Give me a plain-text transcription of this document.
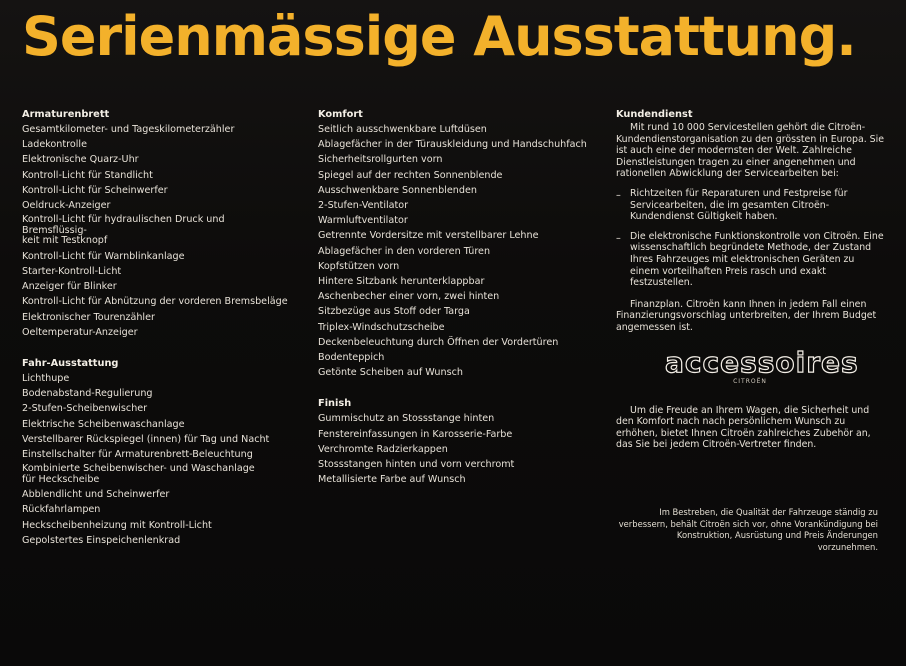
Serienmässige Ausstattung.
Armaturenbrett
Gesamtkilometer- und Tageskilometerzähler
Ladekontrolle
Elektronische Quarz-Uhr
Kontroll-Licht für Standlicht
Kontroll-Licht für Scheinwerfer
Oeldruck-Anzeiger
Kontroll-Licht für hydraulischen Druck und Bremsflüssig-
keit mit Testknopf
Kontroll-Licht für Warnblinkanlage
Starter-Kontroll-Licht
Anzeiger für Blinker
Kontroll-Licht für Abnützung der vorderen Bremsbeläge
Elektronischer Tourenzähler
Oeltemperatur-Anzeiger
Fahr-Ausstattung
Lichthupe
Bodenabstand-Regulierung
2-Stufen-Scheibenwischer
Elektrische Scheibenwaschanlage
Verstellbarer Rückspiegel (innen) für Tag und Nacht
Einstellschalter für Armaturenbrett-Beleuchtung
Kombinierte Scheibenwischer- und Waschanlage
für Heckscheibe
Abblendlicht und Scheinwerfer
Rückfahrlampen
Heckscheibenheizung mit Kontroll-Licht
Gepolstertes Einspeichenlenkrad
Komfort
Seitlich ausschwenkbare Luftdüsen
Ablagefächer in der Türauskleidung und Handschuhfach
Sicherheitsrollgurten vorn
Spiegel auf der rechten Sonnenblende
Ausschwenkbare Sonnenblenden
2-Stufen-Ventilator
Warmluftventilator
Getrennte Vordersitze mit verstellbarer Lehne
Ablagefächer in den vorderen Türen
Kopfstützen vorn
Hintere Sitzbank herunterklappbar
Aschenbecher einer vorn, zwei hinten
Sitzbezüge aus Stoff oder Targa
Triplex-Windschutzscheibe
Deckenbeleuchtung durch Öffnen der Vordertüren
Bodenteppich
Getönte Scheiben auf Wunsch
Finish
Gummischutz an Stossstange hinten
Fenstereinfassungen in Karosserie-Farbe
Verchromte Radzierkappen
Stossstangen hinten und vorn verchromt
Metallisierte Farbe auf Wunsch
Kundendienst

Mit rund 10 000 Servicestellen gehört die Citroën-Kundendienstorganisation zu den grössten in Europa. Sie ist auch eine der modernsten der Welt. Zahlreiche Dienstleistungen tragen zu einer angenehmen und rationellen Abwicklung der Servicearbeiten bei:

– Richtzeiten für Reparaturen und Festpreise für Servicearbeiten, die im gesamten Citroën-Kundendienst Gültigkeit haben.
– Die elektronische Funktionskontrolle von Citroën. Eine wissenschaftlich begründete Methode, der Zustand Ihres Fahrzeuges mit elektronischen Geräten zu einem vorteilhaften Preis rasch und exakt festzustellen.

Finanzplan. Citroën kann Ihnen in jedem Fall einen Finanzierungsvorschlag unterbreiten, der Ihrem Budget angemessen ist.

accessoires
CITROËN

Um die Freude an Ihrem Wagen, die Sicherheit und den Komfort nach nach persönlichem Wunsch zu erhöhen, bietet Ihnen Citroën zahlreiches Zubehör an, das Sie bei jedem Citroën-Vertreter finden.

Im Bestreben, die Qualität der Fahrzeuge ständig zu verbessern, behält Citroën sich vor, ohne Vorankündigung bei Konstruktion, Ausrüstung und Preis Änderungen vorzunehmen.
